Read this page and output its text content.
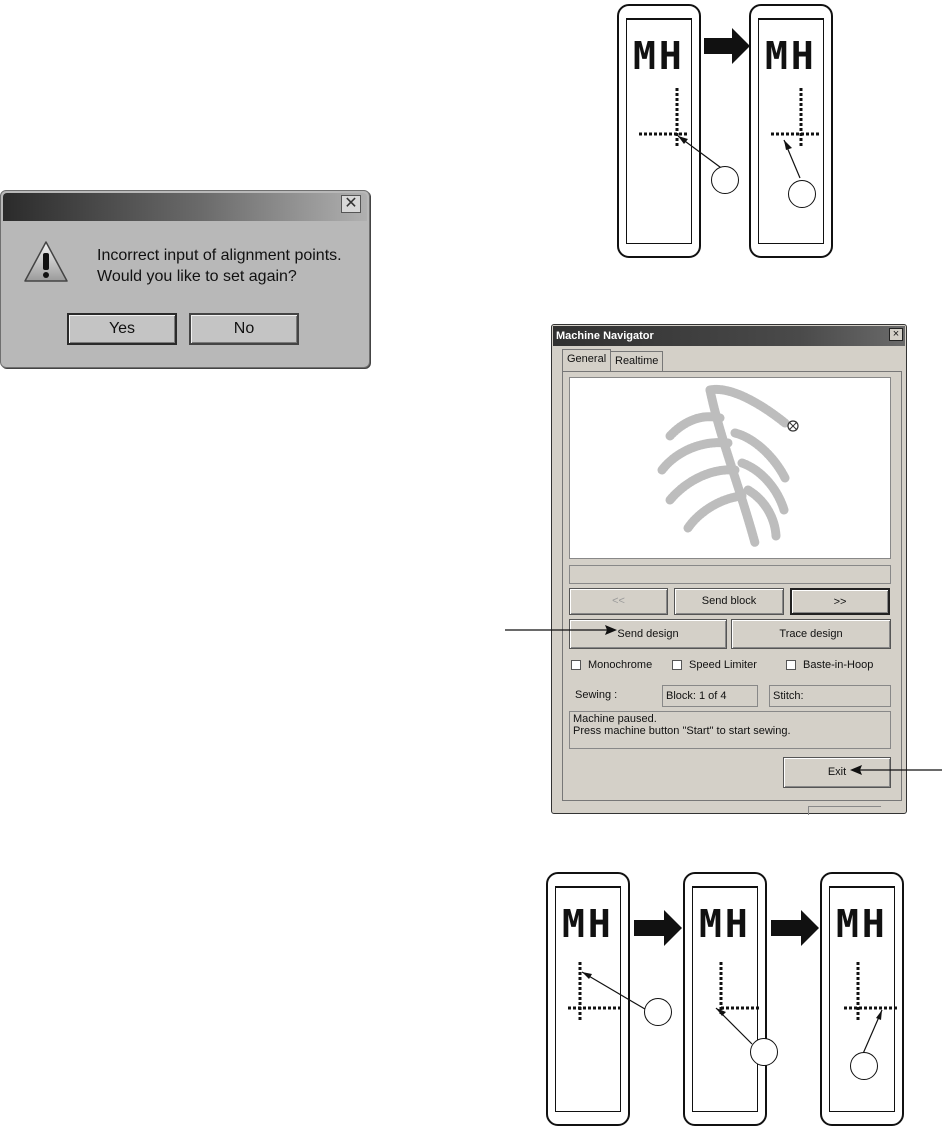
MH MH
✕
Incorrect input of alignment points.
Would you like to set again?
Yes	No	Machine Navigator	×
General Realtime
<<	Send block	>>
Send design	Trace design
Monochrome	Speed Limiter	Baste-in-Hoop
Sewing :	Block: 1 of 4	Stitch:
Machine paused.
Press machine button "Start" to start sewing.
Exit
MH MH MH
